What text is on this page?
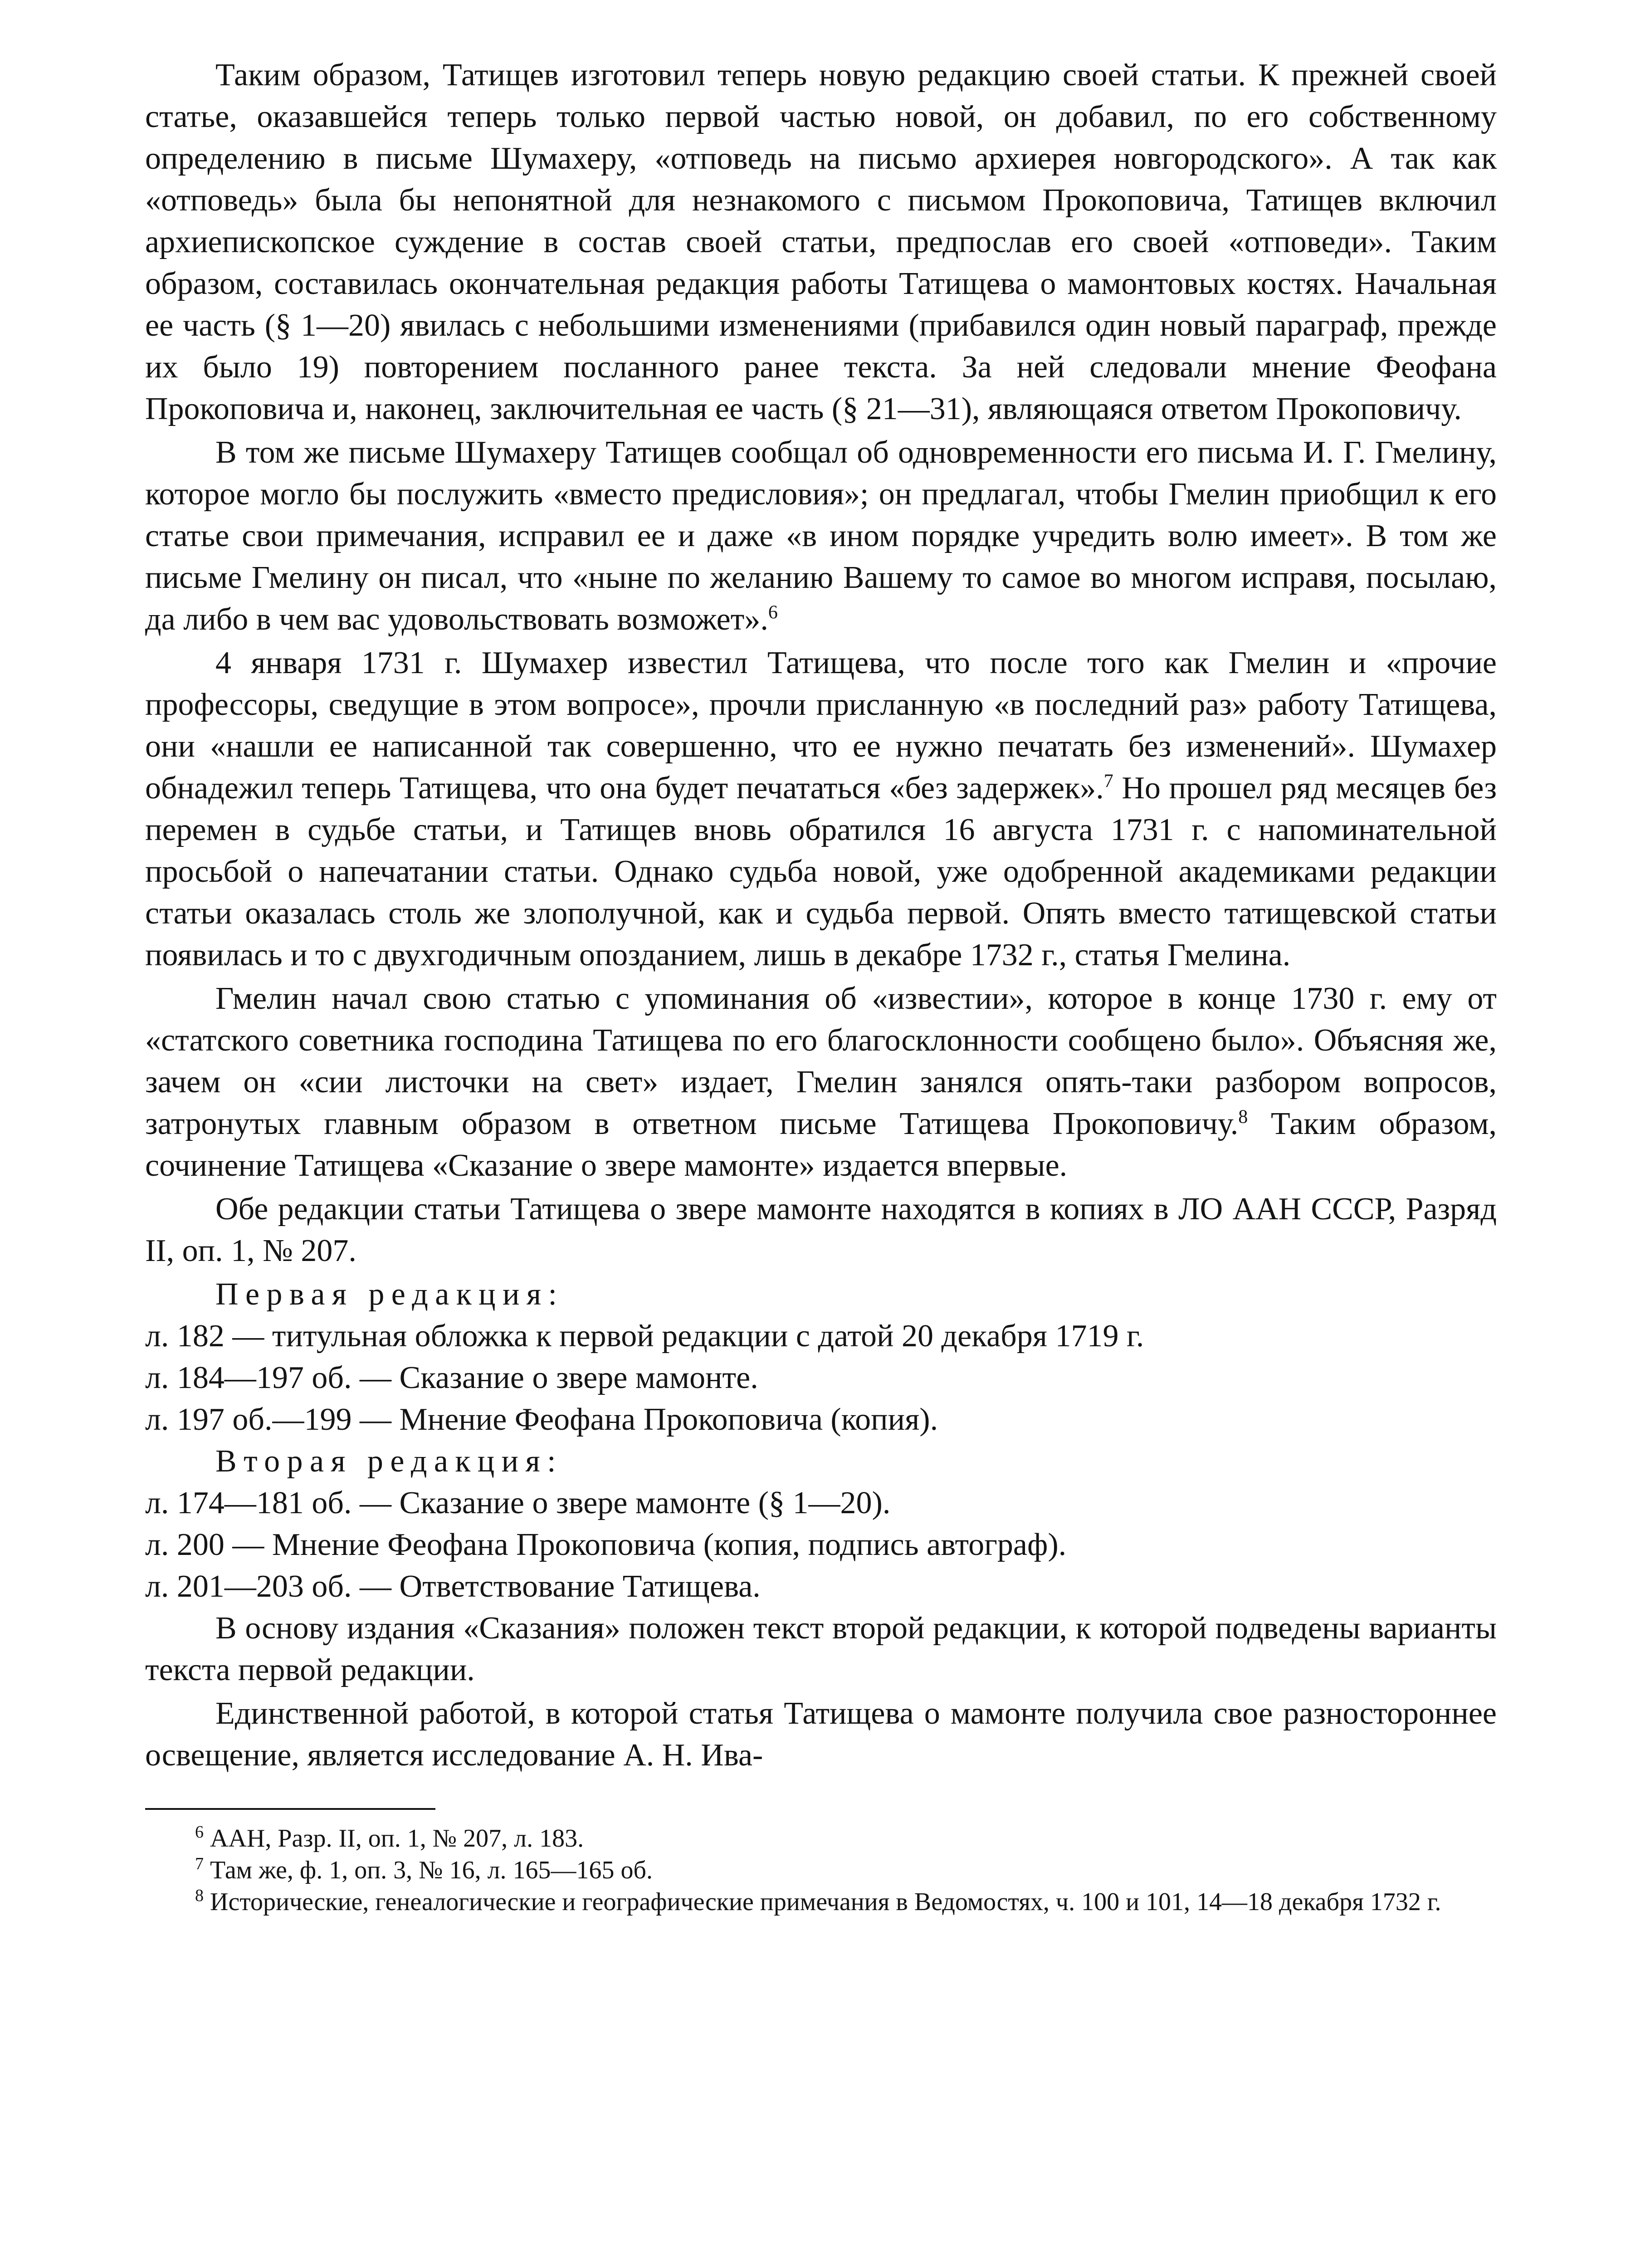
Таким образом, Татищев изготовил теперь новую редакцию своей статьи. К прежней своей статье, оказавшейся теперь только первой частью новой, он добавил, по его собственному определению в письме Шумахеру, «отповедь на письмо архиерея новгородского». А так как «отповедь» была бы непонятной для незнакомого с письмом Прокоповича, Татищев включил архиепископское суждение в состав своей статьи, предпослав его своей «отповеди». Таким образом, составилась окончательная редакция работы Татищева о мамонтовых костях. Начальная ее часть (§ 1—20) явилась с небольшими изменениями (прибавился один новый параграф, прежде их было 19) повторением посланного ранее текста. За ней следовали мнение Феофана Прокоповича и, наконец, заключительная ее часть (§ 21—31), являющаяся ответом Прокоповичу.

В том же письме Шумахеру Татищев сообщал об одновременности его письма И. Г. Гмелину, которое могло бы послужить «вместо предисловия»; он предлагал, чтобы Гмелин приобщил к его статье свои примечания, исправил ее и даже «в ином порядке учредить волю имеет». В том же письме Гмелину он писал, что «ныне по желанию Вашему то самое во многом исправя, посылаю, да либо в чем вас удовольствовать возможет».$^6$

4 января 1731 г. Шумахер известил Татищева, что после того как Гмелин и «прочие профессоры, сведущие в этом вопросе», прочли присланную «в последний раз» работу Татищева, они «нашли ее написанной так совершенно, что ее нужно печатать без изменений». Шумахер обнадежил теперь Татищева, что она будет печататься «без задержек».$^7$ Но прошел ряд месяцев без перемен в судьбе статьи, и Татищев вновь обратился 16 августа 1731 г. с напоминательной просьбой о напечатании статьи. Однако судьба новой, уже одобренной академиками редакции статьи оказалась столь же злополучной, как и судьба первой. Опять вместо татищевской статьи появилась и то с двухгодичным опозданием, лишь в декабре 1732 г., статья Гмелина.

Гмелин начал свою статью с упоминания об «известии», которое в конце 1730 г. ему от «статского советника господина Татищева по его благосклонности сообщено было». Объясняя же, зачем он «сии листочки на свет» издает, Гмелин занялся опять-таки разбором вопросов, затронутых главным образом в ответном письме Татищева Прокоповичу.$^8$ Таким образом, сочинение Татищева «Сказание о звере мамонте» издается впервые.

Обе редакции статьи Татищева о звере мамонте находятся в копиях в ЛО ААН СССР, Разряд II, оп. 1, № 207.

Первая редакция:

л. 182 — титульная обложка к первой редакции с датой 20 декабря 1719 г.

л. 184—197 об. — Сказание о звере мамонте.

л. 197 об.—199 — Мнение Феофана Прокоповича (копия).

Вторая редакция:

л. 174—181 об. — Сказание о звере мамонте (§ 1—20).

л. 200 — Мнение Феофана Прокоповича (копия, подпись автограф).

л. 201—203 об. — Ответствование Татищева.

В основу издания «Сказания» положен текст второй редакции, к которой подведены варианты текста первой редакции.

Единственной работой, в которой статья Татищева о мамонте получила свое разностороннее освещение, является исследование А. Н. Ива-

$^6$ ААН, Разр. II, оп. 1, № 207, л. 183.

$^7$ Там же, ф. 1, оп. 3, № 16, л. 165—165 об.

$^8$ Исторические, генеалогические и географические примечания в Ведомостях, ч. 100 и 101, 14—18 декабря 1732 г.
